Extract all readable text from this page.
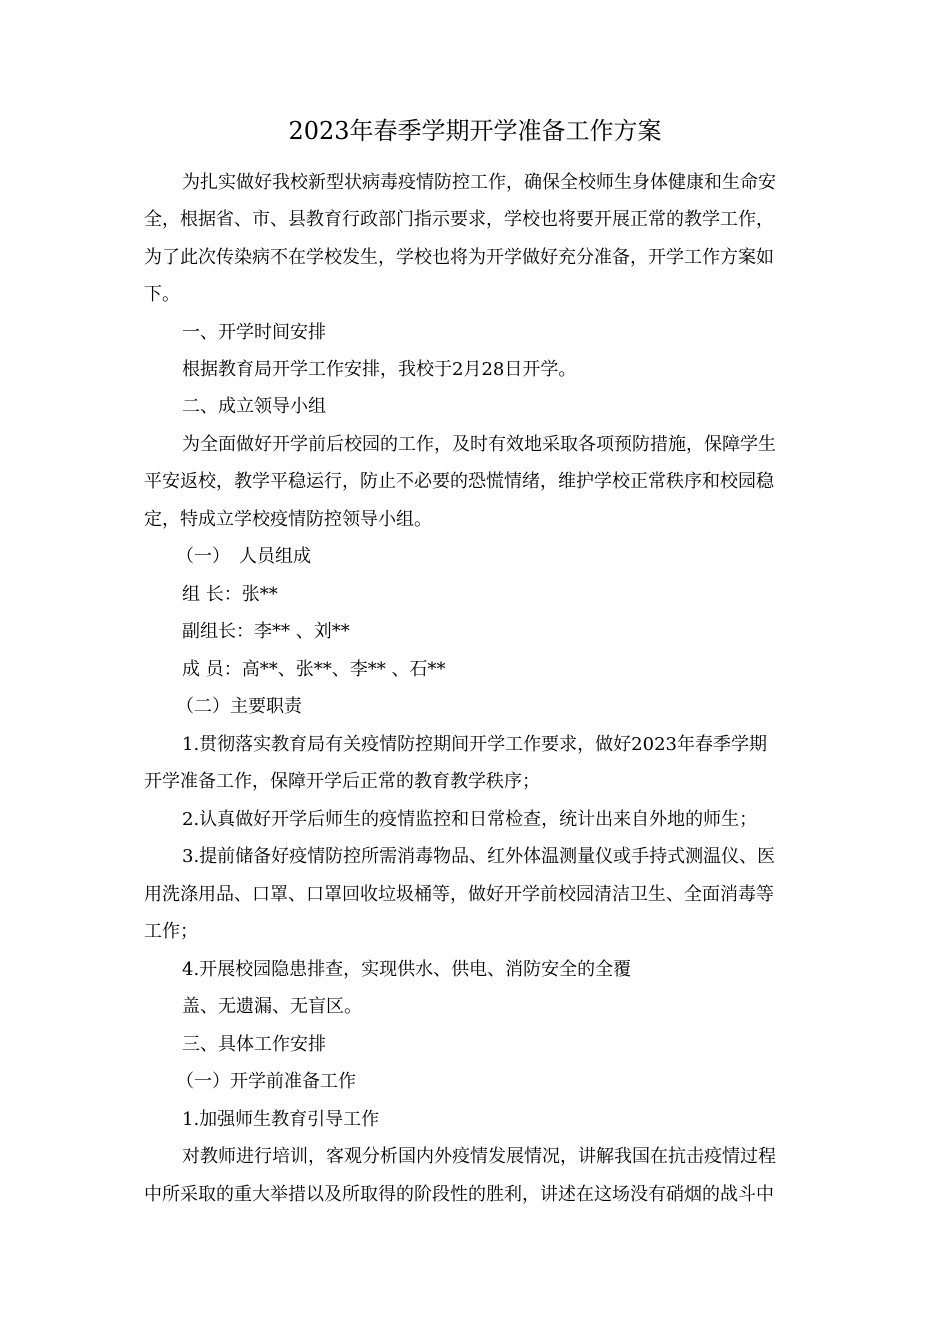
2023年春季学期开学准备工作方案
为扎实做好我校新型状病毒疫情防控工作，确保全校师生身体健康和生命安
全，根据省、市、县教育行政部门指示要求，学校也将要开展正常的教学工作，
为了此次传染病不在学校发生，学校也将为开学做好充分准备，开学工作方案如
下。
一、开学时间安排
根据教育局开学工作安排，我校于2月28日开学。
二、成立领导小组
为全面做好开学前后校园的工作，及时有效地采取各项预防措施，保障学生
平安返校，教学平稳运行，防止不必要的恐慌情绪，维护学校正常秩序和校园稳
定，特成立学校疫情防控领导小组。
（一）　人员组成
组 长：张**
副组长：李** 、刘**
成 员：高**、张**、李** 、石**
（二）主要职责
1.贯彻落实教育局有关疫情防控期间开学工作要求，做好2023年春季学期
开学准备工作，保障开学后正常的教育教学秩序；
2.认真做好开学后师生的疫情监控和日常检查，统计出来自外地的师生；
3.提前储备好疫情防控所需消毒物品、红外体温测量仪或手持式测温仪、医
用洗涤用品、口罩、口罩回收垃圾桶等，做好开学前校园清洁卫生、全面消毒等
工作；
4.开展校园隐患排查，实现供水、供电、消防安全的全覆
盖、无遗漏、无盲区。
三、具体工作安排
（一）开学前准备工作
1.加强师生教育引导工作
对教师进行培训，客观分析国内外疫情发展情况，讲解我国在抗击疫情过程
中所采取的重大举措以及所取得的阶段性的胜利，讲述在这场没有硝烟的战斗中
